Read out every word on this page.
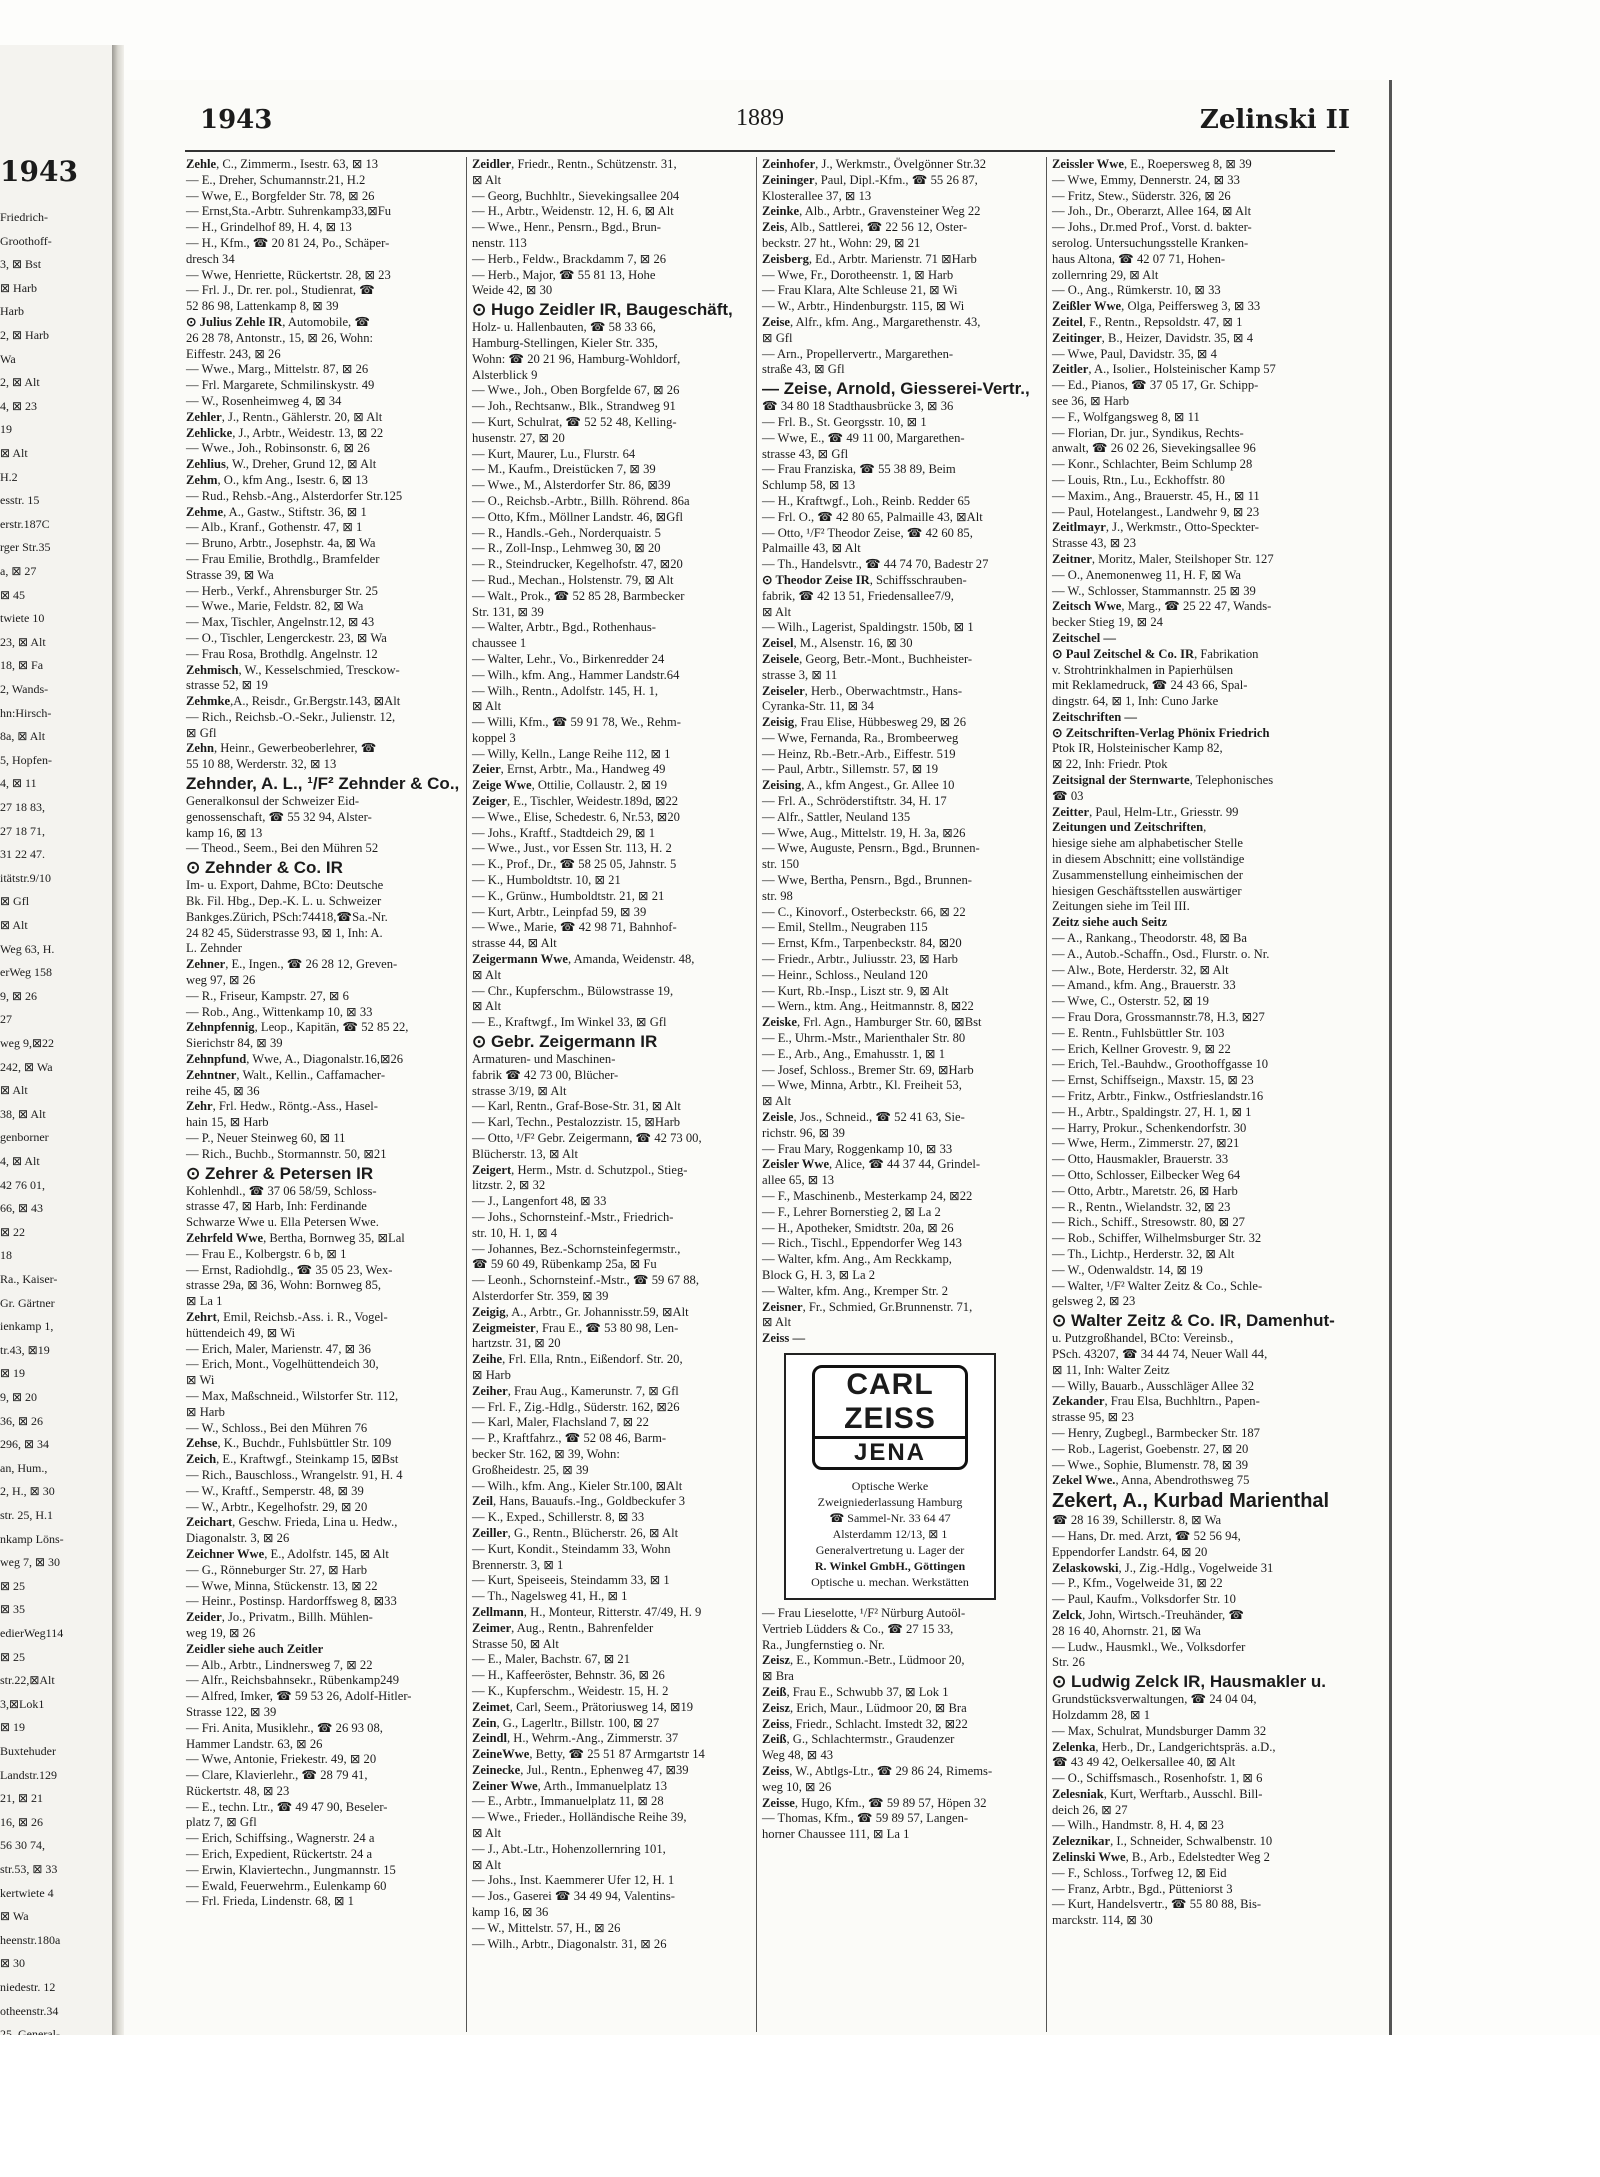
1943
Friedrich-
Groothoff-
3, ⊠ Bst
⊠ Harb
Harb
2, ⊠ Harb
Wa
2, ⊠ Alt
4, ⊠ 23
19
⊠ Alt
H.2
esstr. 15
erstr.187C
rger Str.35
a, ⊠ 27
⊠ 45
twiete 10
23, ⊠ Alt
18, ⊠ Fa
2, Wands-
hn:Hirsch-
8a, ⊠ Alt
5, Hopfen-
4, ⊠ 11
27 18 83,
27 18 71,
31 22 47.
itätstr.9/10
⊠ Gfl
⊠ Alt
Weg 63, H.
erWeg 158
9, ⊠ 26
27
weg 9,⊠22
242, ⊠ Wa
⊠ Alt
38, ⊠ Alt
genborner
4, ⊠ Alt
42 76 01,
66, ⊠ 43
⊠ 22
18
Ra., Kaiser-
Gr. Gärtner
ienkamp 1,
tr.43, ⊠19
⊠ 19
9, ⊠ 20
36, ⊠ 26
296, ⊠ 34
an, Hum.,
2, H., ⊠ 30
str. 25, H.1
nkamp Löns-
weg 7, ⊠ 30
⊠ 25
⊠ 35
edierWeg114
⊠ 25
str.22,⊠Alt
3,⊠Lok1
⊠ 19
Buxtehuder
Landstr.129
21, ⊠ 21
16, ⊠ 26
56 30 74,
str.53, ⊠ 33
kertwiete 4
⊠ Wa
heenstr.180a
⊠ 30
niedestr. 12
otheenstr.34
1943	1889	Zelinski II
Zehle, C., Zimmerm., Isestr. 63, ⊠ 13
— E., Dreher, Schumannstr.21, H.2
— Wwe, E., Borgfelder Str. 78, ⊠ 26
— Ernst,Sta.-Arbtr. Suhrenkamp33,⊠Fu
— H., Grindelhof 89, H. 4, ⊠ 13
— H., Kfm., ☎ 20 81 24, Po., Schäper-
dresch 34
— Wwe, Henriette, Rückertstr. 28, ⊠ 23
— Frl. J., Dr. rer. pol., Studienrat, ☎
52 86 98, Lattenkamp 8, ⊠ 39
⊙ Julius Zehle IR, Automobile, ☎
26 28 78, Antonstr., 15, ⊠ 26, Wohn:
Eiffestr. 243, ⊠ 26
— Wwe., Marg., Mittelstr. 87, ⊠ 26
— Frl. Margarete, Schmilinskystr. 49
— W., Rosenheimweg 4, ⊠ 34
Zehler, J., Rentn., Gählerstr. 20, ⊠ Alt
Zehlicke, J., Arbtr., Weidestr. 13, ⊠ 22
— Wwe., Joh., Robinsonstr. 6, ⊠ 26
Zehlius, W., Dreher, Grund 12, ⊠ Alt
Zehm, O., kfm Ang., Isestr. 6, ⊠ 13
— Rud., Rehsb.-Ang., Alsterdorfer Str.125
Zehme, A., Gastw., Stiftstr. 36, ⊠ 1
— Alb., Kranf., Gothenstr. 47, ⊠ 1
— Bruno, Arbtr., Josephstr. 4a, ⊠ Wa
— Frau Emilie, Brothdlg., Bramfelder
Strasse 39, ⊠ Wa
— Herb., Verkf., Ahrensburger Str. 25
— Wwe., Marie, Feldstr. 82, ⊠ Wa
— Max, Tischler, Angelnstr.12, ⊠ 43
— O., Tischler, Lengerckestr. 23, ⊠ Wa
— Frau Rosa, Brothdlg. Angelnstr. 12
Zehmisch, W., Kesselschmied, Tresckow-
strasse 52, ⊠ 19
Zehmke,A., Reisdr., Gr.Bergstr.143, ⊠Alt
— Rich., Reichsb.-O.-Sekr., Julienstr. 12,
⊠ Gfl
Zehn, Heinr., Gewerbeoberlehrer, ☎
55 10 88, Werderstr. 32, ⊠ 13
Zehnder, A. L., ¹/F² Zehnder & Co.,
Generalkonsul der Schweizer Eid-
genossenschaft, ☎ 55 32 94, Alster-
kamp 16, ⊠ 13
— Theod., Seem., Bei den Mühren 52
⊙ Zehnder & Co. IR
Im- u. Export, Dahme, BCto: Deutsche
Bk. Fil. Hbg., Dep.-K. L. u. Schweizer
Bankges.Zürich, PSch:74418,☎Sa.-Nr.
24 82 45, Süderstrasse 93, ⊠ 1, Inh: A.
L. Zehnder
Zehner, E., Ingen., ☎ 26 28 12, Greven-
weg 97, ⊠ 26
— R., Friseur, Kampstr. 27, ⊠ 6
— Rob., Ang., Wittenkamp 10, ⊠ 33
Zehnpfennig, Leop., Kapitän, ☎ 52 85 22,
Sierichstr 84, ⊠ 39
Zehnpfund, Wwe, A., Diagonalstr.16,⊠26
Zehntner, Walt., Kellin., Caffamacher-
reihe 45, ⊠ 36
Zehr, Frl. Hedw., Röntg.-Ass., Hasel-
hain 15, ⊠ Harb
— P., Neuer Steinweg 60, ⊠ 11
— Rich., Buchb., Stormannstr. 50, ⊠21
⊙ Zehrer & Petersen IR
Kohlenhdl., ☎ 37 06 58/59, Schloss-
strasse 47, ⊠ Harb, Inh: Ferdinande
Schwarze Wwe u. Ella Petersen Wwe.
Zehrfeld Wwe, Bertha, Bornweg 35, ⊠Lal
— Frau E., Kolbergstr. 6 b, ⊠ 1
— Ernst, Radiohdlg., ☎ 35 05 23, Wex-
strasse 29a, ⊠ 36, Wohn: Bornweg 85,
⊠ La 1
Zehrt, Emil, Reichsb.-Ass. i. R., Vogel-
hüttendeich 49, ⊠ Wi
— Erich, Maler, Marienstr. 47, ⊠ 36
— Erich, Mont., Vogelhüttendeich 30,
⊠ Wi
— Max, Maßschneid., Wilstorfer Str. 112,
⊠ Harb
— W., Schloss., Bei den Mühren 76
Zehse, K., Buchdr., Fuhlsbüttler Str. 109
Zeich, E., Kraftwgf., Steinkamp 15, ⊠Bst
— Rich., Bauschloss., Wrangelstr. 91, H. 4
— W., Kraftf., Semperstr. 48, ⊠ 39
— W., Arbtr., Kegelhofstr. 29, ⊠ 20
Zeichart, Geschw. Frieda, Lina u. Hedw.,
Diagonalstr. 3, ⊠ 26
Zeichner Wwe, E., Adolfstr. 145, ⊠ Alt
— G., Rönneburger Str. 27, ⊠ Harb
— Wwe, Minna, Stückenstr. 13, ⊠ 22
— Heinr., Postinsp. Hardorffsweg 8, ⊠33
Zeider, Jo., Privatm., Billh. Mühlen-
weg 19, ⊠ 26
Zeidler siehe auch Zeitler
— Alb., Arbtr., Lindnersweg 7, ⊠ 22
— Alfr., Reichsbahnsekr., Rübenkamp249
— Alfred, Imker, ☎ 59 53 26, Adolf-Hitler-
Strasse 122, ⊠ 39
— Fri. Anita, Musiklehr., ☎ 26 93 08,
Hammer Landstr. 63, ⊠ 26
— Wwe, Antonie, Friekestr. 49, ⊠ 20
— Clare, Klavierlehr., ☎ 28 79 41,
Rückertstr. 48, ⊠ 23
— E., techn. Ltr., ☎ 49 47 90, Beseler-
platz 7, ⊠ Gfl
— Erich, Schiffsing., Wagnerstr. 24 a
— Erich, Expedient, Rückertstr. 24 a
— Erwin, Klaviertechn., Jungmannstr. 15
— Ewald, Feuerwehrm., Eulenkamp 60
— Frl. Frieda, Lindenstr. 68, ⊠ 1
Zeidler, Friedr., Rentn., Schützenstr. 31,
⊠ Alt
— Georg, Buchhltr., Sievekingsallee 204
— H., Arbtr., Weidenstr. 12, H. 6, ⊠ Alt
— Wwe., Henr., Pensrn., Bgd., Brun-
nenstr. 113
— Herb., Feldw., Brackdamm 7, ⊠ 26
— Herb., Major, ☎ 55 81 13, Hohe
Weide 42, ⊠ 30
⊙ Hugo Zeidler IR, Baugeschäft,
Holz- u. Hallenbauten, ☎ 58 33 66,
Hamburg-Stellingen, Kieler Str. 335,
Wohn: ☎ 20 21 96, Hamburg-Wohldorf,
Alsterblick 9
— Wwe., Joh., Oben Borgfelde 67, ⊠ 26
— Joh., Rechtsanw., Blk., Strandweg 91
— Kurt, Schulrat, ☎ 52 52 48, Kelling-
husenstr. 27, ⊠ 20
— Kurt, Maurer, Lu., Flurstr. 64
— M., Kaufm., Dreistücken 7, ⊠ 39
— Wwe., M., Alsterdorfer Str. 86, ⊠39
— O., Reichsb.-Arbtr., Billh. Röhrend. 86a
— Otto, Kfm., Möllner Landstr. 46, ⊠Gfl
— R., Handls.-Geh., Norderquaistr. 5
— R., Zoll-Insp., Lehmweg 30, ⊠ 20
— R., Steindrucker, Kegelhofstr. 47, ⊠20
— Rud., Mechan., Holstenstr. 79, ⊠ Alt
— Walt., Prok., ☎ 52 85 28, Barmbecker
Str. 131, ⊠ 39
— Walter, Arbtr., Bgd., Rothenhaus-
chaussee 1
— Walter, Lehr., Vo., Birkenredder 24
— Wilh., kfm. Ang., Hammer Landstr.64
— Wilh., Rentn., Adolfstr. 145, H. 1,
⊠ Alt
— Willi, Kfm., ☎ 59 91 78, We., Rehm-
koppel 3
— Willy, Kelln., Lange Reihe 112, ⊠ 1
Zeier, Ernst, Arbtr., Ma., Handweg 49
Zeige Wwe, Ottilie, Collaustr. 2, ⊠ 19
Zeiger, E., Tischler, Weidestr.189d, ⊠22
— Wwe., Elise, Schedestr. 6, Nr.53, ⊠20
— Johs., Kraftf., Stadtdeich 29, ⊠ 1
— Wwe., Just., vor Essen Str. 113, H. 2
— K., Prof., Dr., ☎ 58 25 05, Jahnstr. 5
— K., Humboldtstr. 10, ⊠ 21
— K., Grünw., Humboldtstr. 21, ⊠ 21
— Kurt, Arbtr., Leinpfad 59, ⊠ 39
— Wwe., Marie, ☎ 42 98 71, Bahnhof-
strasse 44, ⊠ Alt
Zeigermann Wwe, Amanda, Weidenstr. 48,
⊠ Alt
— Chr., Kupferschm., Bülowstrasse 19,
⊠ Alt
— E., Kraftwgf., Im Winkel 33, ⊠ Gfl
⊙ Gebr. Zeigermann IR
Armaturen- und Maschinen-
fabrik ☎ 42 73 00, Blücher-
strasse 3/19, ⊠ Alt
— Karl, Rentn., Graf-Bose-Str. 31, ⊠ Alt
— Karl, Techn., Pestalozzistr. 15, ⊠Harb
— Otto, ¹/F² Gebr. Zeigermann, ☎ 42 73 00,
Blücherstr. 13, ⊠ Alt
Zeigert, Herm., Mstr. d. Schutzpol., Stieg-
litzstr. 2, ⊠ 32
— J., Langenfort 48, ⊠ 33
— Johs., Schornsteinf.-Mstr., Friedrich-
str. 10, H. 1, ⊠ 4
— Johannes, Bez.-Schornsteinfegermstr.,
☎ 59 60 49, Rübenkamp 25a, ⊠ Fu
— Leonh., Schornsteinf.-Mstr., ☎ 59 67 88,
Alsterdorfer Str. 359, ⊠ 39
Zeigig, A., Arbtr., Gr. Johannisstr.59, ⊠Alt
Zeigmeister, Frau E., ☎ 53 80 98, Len-
hartzstr. 31, ⊠ 20
Zeihe, Frl. Ella, Rntn., Eißendorf. Str. 20,
⊠ Harb
Zeiher, Frau Aug., Kamerunstr. 7, ⊠ Gfl
— Frl. F., Zig.-Hdlg., Süderstr. 162, ⊠26
— Karl, Maler, Flachsland 7, ⊠ 22
— P., Kraftfahrz., ☎ 52 08 46, Barm-
becker Str. 162, ⊠ 39, Wohn:
Großheidestr. 25, ⊠ 39
— Wilh., kfm. Ang., Kieler Str.100, ⊠Alt
Zeil, Hans, Bauaufs.-Ing., Goldbeckufer 3
— K., Exped., Schillerstr. 8, ⊠ 33
Zeiller, G., Rentn., Blücherstr. 26, ⊠ Alt
— Kurt, Kondit., Steindamm 33, Wohn
Brennerstr. 3, ⊠ 1
— Kurt, Speiseeis, Steindamm 33, ⊠ 1
— Th., Nagelsweg 41, H., ⊠ 1
Zellmann, H., Monteur, Ritterstr. 47/49, H. 9
Zeimer, Aug., Rentn., Bahrenfelder
Strasse 50, ⊠ Alt
— E., Maler, Bachstr. 67, ⊠ 21
— H., Kaffeeröster, Behnstr. 36, ⊠ 26
— K., Kupferschm., Weidestr. 15, H. 2
Zeimet, Carl, Seem., Prätoriusweg 14, ⊠19
Zein, G., Lagerltr., Billstr. 100, ⊠ 27
Zeindl, H., Wehrm.-Ang., Zimmerstr. 37
ZeineWwe, Betty, ☎ 25 51 87 Armgartstr 14
Zeinecke, Jul., Rentn., Ephenweg 47, ⊠39
Zeiner Wwe, Arth., Immanuelplatz 13
— E., Arbtr., Immanuelplatz 11, ⊠ 28
— Wwe., Frieder., Holländische Reihe 39,
⊠ Alt
— J., Abt.-Ltr., Hohenzollernring 101,
⊠ Alt
— Johs., Inst. Kaemmerer Ufer 12, H. 1
— Jos., Gaserei ☎ 34 49 94, Valentins-
kamp 16, ⊠ 36
— W., Mittelstr. 57, H., ⊠ 26
— Wilh., Arbtr., Diagonalstr. 31, ⊠ 26
Zeinhofer, J., Werkmstr., Övelgönner Str.32
Zeininger, Paul, Dipl.-Kfm., ☎ 55 26 87,
Klosterallee 37, ⊠ 13
Zeinke, Alb., Arbtr., Gravensteiner Weg 22
Zeis, Alb., Sattlerei, ☎ 22 56 12, Oster-
beckstr. 27 ht., Wohn: 29, ⊠ 21
Zeisberg, Ed., Arbtr. Marienstr. 71 ⊠Harb
— Wwe, Fr., Dorotheenstr. 1, ⊠ Harb
— Frau Klara, Alte Schleuse 21, ⊠ Wi
— W., Arbtr., Hindenburgstr. 115, ⊠ Wi
Zeise, Alfr., kfm. Ang., Margarethenstr. 43,
⊠ Gfl
— Arn., Propellervertr., Margarethen-
straße 43, ⊠ Gfl
— Zeise, Arnold, Giesserei-Vertr.,
☎ 34 80 18 Stadthausbrücke 3, ⊠ 36
— Frl. B., St. Georgsstr. 10, ⊠ 1
— Wwe, E., ☎ 49 11 00, Margarethen-
strasse 43, ⊠ Gfl
— Frau Franziska, ☎ 55 38 89, Beim
Schlump 58, ⊠ 13
— H., Kraftwgf., Loh., Reinb. Redder 65
— Frl. O., ☎ 42 80 65, Palmaille 43, ⊠Alt
— Otto, ¹/F² Theodor Zeise, ☎ 42 60 85,
Palmaille 43, ⊠ Alt
— Th., Handelsvtr., ☎ 44 74 70, Badestr 27
⊙ Theodor Zeise IR, Schiffsschrauben-
fabrik, ☎ 42 13 51, Friedensallee7/9,
⊠ Alt
— Wilh., Lagerist, Spaldingstr. 150b, ⊠ 1
Zeisel, M., Alsenstr. 16, ⊠ 30
Zeisele, Georg, Betr.-Mont., Buchheister-
strasse 3, ⊠ 11
Zeiseler, Herb., Oberwachtmstr., Hans-
Cyranka-Str. 11, ⊠ 34
Zeisig, Frau Elise, Hübbesweg 29, ⊠ 26
— Wwe, Fernanda, Ra., Brombeerweg
— Heinz, Rb.-Betr.-Arb., Eiffestr. 519
— Paul, Arbtr., Sillemstr. 57, ⊠ 19
Zeising, A., kfm Angest., Gr. Allee 10
— Frl. A., Schröderstiftstr. 34, H. 17
— Alfr., Sattler, Neuland 135
— Wwe, Aug., Mittelstr. 19, H. 3a, ⊠26
— Wwe, Auguste, Pensrn., Bgd., Brunnen-
str. 150
— Wwe, Bertha, Pensrn., Bgd., Brunnen-
str. 98
— C., Kinovorf., Osterbeckstr. 66, ⊠ 22
— Emil, Stellm., Neugraben 115
— Ernst, Kfm., Tarpenbeckstr. 84, ⊠20
— Friedr., Arbtr., Juliusstr. 23, ⊠ Harb
— Heinr., Schloss., Neuland 120
— Kurt, Rb.-Insp., Liszt str. 9, ⊠ Alt
— Wern., ktm. Ang., Heitmannstr. 8, ⊠22
Zeiske, Frl. Agn., Hamburger Str. 60, ⊠Bst
— E., Uhrm.-Mstr., Marienthaler Str. 80
— E., Arb., Ang., Emahusstr. 1, ⊠ 1
— Josef, Schloss., Bremer Str. 69, ⊠Harb
— Wwe, Minna, Arbtr., Kl. Freiheit 53,
⊠ Alt
Zeisle, Jos., Schneid., ☎ 52 41 63, Sie-
richstr. 96, ⊠ 39
— Frau Mary, Roggenkamp 10, ⊠ 33
Zeisler Wwe, Alice, ☎ 44 37 44, Grindel-
allee 65, ⊠ 13
— F., Maschinenb., Mesterkamp 24, ⊠22
— F., Lehrer Bornerstieg 2, ⊠ La 2
— H., Apotheker, Smidtstr. 20a, ⊠ 26
— Rich., Tischl., Eppendorfer Weg 143
— Walter, kfm. Ang., Am Reckkamp,
Block G, H. 3, ⊠ La 2
— Walter, kfm. Ang., Kremper Str. 2
Zeisner, Fr., Schmied, Gr.Brunnenstr. 71,
⊠ Alt
Zeiss —
CARL ZEISS
JENA
Optische Werke
Zweigniederlassung Hamburg
☎ Sammel-Nr. 33 64 47
Alsterdamm 12/13, ⊠ 1
Generalvertretung u. Lager der
R. Winkel GmbH., Göttingen
Optische u. mechan. Werkstätten
— Frau Lieselotte, ¹/F² Nürburg Autoöl-
Vertrieb Lüdders & Co., ☎ 27 15 33,
Ra., Jungfernstieg o. Nr.
Zeisz, E., Kommun.-Betr., Lüdmoor 20,
⊠ Bra
Zeiß, Frau E., Schwubb 37, ⊠ Lok 1
Zeisz, Erich, Maur., Lüdmoor 20, ⊠ Bra
Zeiss, Friedr., Schlacht. Imstedt 32, ⊠22
Zeiß, G., Schlachtermstr., Graudenzer
Weg 48, ⊠ 43
Zeiss, W., Abtlgs-Ltr., ☎ 29 86 24, Rimems-
weg 10, ⊠ 26
Zeisse, Hugo, Kfm., ☎ 59 89 57, Höpen 32
— Thomas, Kfm., ☎ 59 89 57, Langen-
horner Chaussee 111, ⊠ La 1
Zeissler Wwe, E., Roepersweg 8, ⊠ 39
— Wwe, Emmy, Dennerstr. 24, ⊠ 33
— Fritz, Stew., Süderstr. 326, ⊠ 26
— Joh., Dr., Oberarzt, Allee 164, ⊠ Alt
— Johs., Dr.med Prof., Vorst. d. bakter-
serolog. Untersuchungsstelle Kranken-
haus Altona, ☎ 42 07 71, Hohen-
zollernring 29, ⊠ Alt
— O., Ang., Rümkerstr. 10, ⊠ 33
Zeißler Wwe, Olga, Peiffersweg 3, ⊠ 33
Zeitel, F., Rentn., Repsoldstr. 47, ⊠ 1
Zeitinger, B., Heizer, Davidstr. 35, ⊠ 4
— Wwe, Paul, Davidstr. 35, ⊠ 4
Zeitler, A., Isolier., Holsteinischer Kamp 57
— Ed., Pianos, ☎ 37 05 17, Gr. Schipp-
see 36, ⊠ Harb
— F., Wolfgangsweg 8, ⊠ 11
— Florian, Dr. jur., Syndikus, Rechts-
anwalt, ☎ 26 02 26, Sievekingsallee 96
— Konr., Schlachter, Beim Schlump 28
— Louis, Rtn., Lu., Eckhoffstr. 80
— Maxim., Ang., Brauerstr. 45, H., ⊠ 11
— Paul, Hotelangest., Landwehr 9, ⊠ 23
Zeitlmayr, J., Werkmstr., Otto-Speckter-
Strasse 43, ⊠ 23
Zeitner, Moritz, Maler, Steilshoper Str. 127
— O., Anemonenweg 11, H. F, ⊠ Wa
— W., Schlosser, Stammannstr. 25 ⊠ 39
Zeitsch Wwe, Marg., ☎ 25 22 47, Wands-
becker Stieg 19, ⊠ 24
Zeitschel —
⊙ Paul Zeitschel & Co. IR, Fabrikation
v. Strohtrinkhalmen in Papierhülsen
mit Reklamedruck, ☎ 24 43 66, Spal-
dingstr. 64, ⊠ 1, Inh: Cuno Jarke
Zeitschriften —
⊙ Zeitschriften-Verlag Phönix Friedrich
Ptok IR, Holsteinischer Kamp 82,
⊠ 22, Inh: Friedr. Ptok
Zeitsignal der Sternwarte, Telephonisches
☎ 03
Zeitter, Paul, Helm-Ltr., Griesstr. 99
Zeitungen und Zeitschriften,
hiesige siehe am alphabetischer Stelle
in diesem Abschnitt; eine vollständige
Zusammenstellung einheimischen der
hiesigen Geschäftsstellen auswärtiger
Zeitungen siehe im Teil III.
Zeitz siehe auch Seitz
— A., Rankang., Theodorstr. 48, ⊠ Ba
— A., Autob.-Schaffn., Osd., Flurstr. o. Nr.
— Alw., Bote, Herderstr. 32, ⊠ Alt
— Amand., kfm. Ang., Brauerstr. 33
— Wwe, C., Osterstr. 52, ⊠ 19
— Frau Dora, Grossmannstr.78, H.3, ⊠27
— E. Rentn., Fuhlsbüttler Str. 103
— Erich, Kellner Grovestr. 9, ⊠ 22
— Erich, Tel.-Bauhdw., Groothoffgasse 10
— Ernst, Schiffseign., Maxstr. 15, ⊠ 23
— Fritz, Arbtr., Finkw., Ostfrieslandstr.16
— H., Arbtr., Spaldingstr. 27, H. 1, ⊠ 1
— Harry, Prokur., Schenkendorfstr. 30
— Wwe, Herm., Zimmerstr. 27, ⊠21
— Otto, Hausmakler, Brauerstr. 33
— Otto, Schlosser, Eilbecker Weg 64
— Otto, Arbtr., Maretstr. 26, ⊠ Harb
— R., Rentn., Wielandstr. 32, ⊠ 23
— Rich., Schiff., Stresowstr. 80, ⊠ 27
— Rob., Schiffer, Wilhelmsburger Str. 32
— Th., Lichtp., Herderstr. 32, ⊠ Alt
— W., Odenwaldstr. 14, ⊠ 19
— Walter, ¹/F² Walter Zeitz & Co., Schle-
gelsweg 2, ⊠ 23
⊙ Walter Zeitz & Co. IR, Damenhut-
u. Putzgroßhandel, BCto: Vereinsb.,
PSch. 43207, ☎ 34 44 74, Neuer Wall 44,
⊠ 11, Inh: Walter Zeitz
— Willy, Bauarb., Ausschläger Allee 32
Zekander, Frau Elsa, Buchhltrn., Papen-
strasse 95, ⊠ 23
— Henry, Zugbegl., Barmbecker Str. 187
— Rob., Lagerist, Goebenstr. 27, ⊠ 20
— Wwe., Sophie, Blumenstr. 78, ⊠ 39
Zekel Wwe., Anna, Abendrothsweg 75
Zekert, A., Kurbad Marienthal
☎ 28 16 39, Schillerstr. 8, ⊠ Wa
— Hans, Dr. med. Arzt, ☎ 52 56 94,
Eppendorfer Landstr. 64, ⊠ 20
Zelaskowski, J., Zig.-Hdlg., Vogelweide 31
— P., Kfm., Vogelweide 31, ⊠ 22
— Paul, Kaufm., Volksdorfer Str. 10
Zelck, John, Wirtsch.-Treuhänder, ☎
28 16 40, Ahornstr. 21, ⊠ Wa
— Ludw., Hausmkl., We., Volksdorfer
Str. 26
⊙ Ludwig Zelck IR, Hausmakler u.
Grundstücksverwaltungen, ☎ 24 04 04,
Holzdamm 28, ⊠ 1
— Max, Schulrat, Mundsburger Damm 32
Zelenka, Herb., Dr., Landgerichtspräs. a.D.,
☎ 43 49 42, Oelkersallee 40, ⊠ Alt
— O., Schiffsmasch., Rosenhofstr. 1, ⊠ 6
Zelesniak, Kurt, Werftarb., Ausschl. Bill-
deich 26, ⊠ 27
— Wilh., Handmstr. 8, H. 4, ⊠ 23
Zeleznikar, I., Schneider, Schwalbenstr. 10
Zelinski Wwe, B., Arb., Edelstedter Weg 2
— F., Schloss., Torfweg 12, ⊠ Eid
— Franz, Arbtr., Bgd., Pütteniorst 3
— Kurt, Handelsvertr., ☎ 55 80 88, Bis-
marckstr. 114, ⊠ 30
